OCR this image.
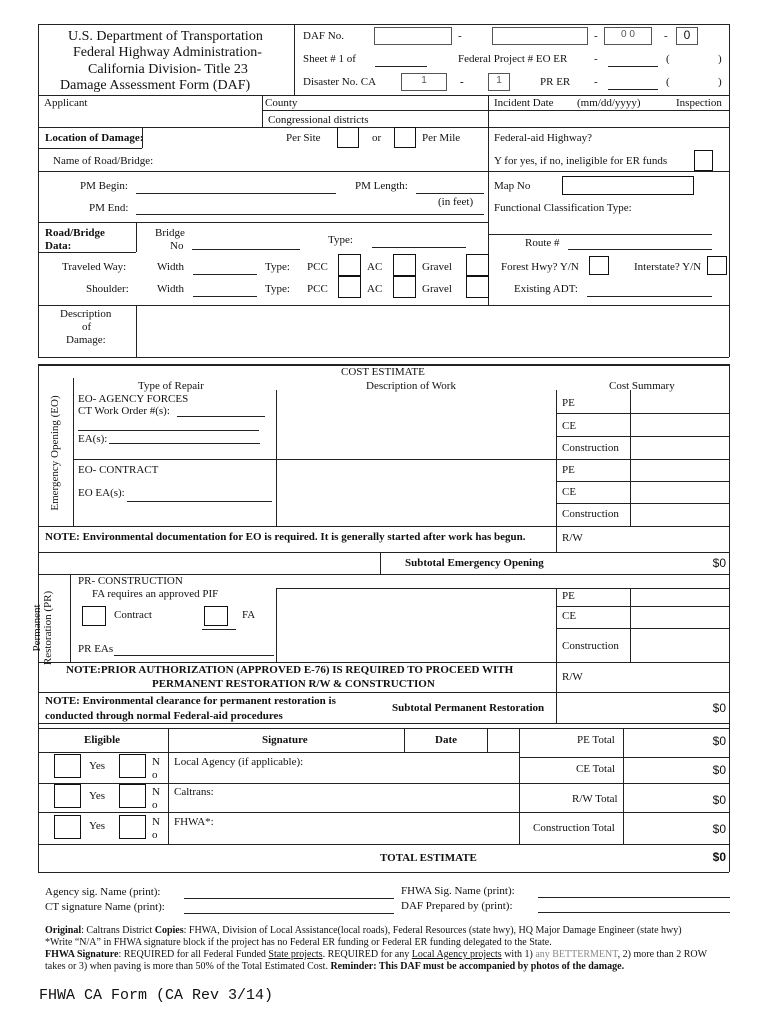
U.S. Department of Transportation
Federal Highway Administration-
California Division- Title 23
Damage Assessment Form (DAF)
DAF No.	-	-	0 0	-	0
Sheet # 1 of	Federal Project # EO ER -	(	)
Disaster No. CA	1	-	1	PR ER -	(	)
Applicant	County
Congressional districts
Incident Date (mm/dd/yyyy)	Inspection
Location of Damage:	Per Site	or	Per Mile	Federal-aid Highway?
Name of Road/Bridge:	Y for yes, if no, ineligible for ER funds
PM Begin:	PM Length:	Map No
(in feet)
PM End:	Functional Classification Type:
Road/Bridge
Data:
Bridge
No	Type:	Route #
Traveled Way:	Width	Type: PCC	AC	Gravel	Forest Hwy? Y/N	Interstate? Y/N
Shoulder:	Width	Type: PCC	AC	Gravel	Existing ADT:
Description
of
Damage:
COST ESTIMATE
Type of Repair	Description of Work	Cost Summary
Emergency Opening (EO) EO- AGENCY FORCES
CT Work Order #(s):
EA(s):
EO- CONTRACT
EO EA(s):
PE
CE
Construction
PE
CE
Construction
R/W
NOTE: Environmental documentation for EO is required. It is generally started after work has begun.
Subtotal Emergency Opening	$0
Permanent Restoration (PR)
PR- CONSTRUCTION
FA requires an approved PIF
Contract	FA
PR EAs
PE
CE
Construction
R/W
NOTE:PRIOR AUTHORIZATION (APPROVED E-76) IS REQUIRED TO PROCEED WITH
PERMANENT RESTORATION R/W & CONSTRUCTION
NOTE: Environmental clearance for permanent restoration is
conducted through normal Federal-aid procedures
Subtotal Permanent Restoration	$0
Eligible	Signature	Date
Yes	N
o
Local Agency (if applicable):
Yes	N
o
Caltrans:
Yes	N
o
FHWA*:
PE Total	$0
CE Total	$0
R/W Total	$0
Construction Total	$0
TOTAL ESTIMATE	$0
Agency sig. Name (print):
CT signature Name (print):
FHWA Sig. Name (print):
DAF Prepared by (print):
Original: Caltrans District Copies: FHWA, Division of Local Assistance(local roads), Federal Resources (state hwy), HQ Major Damage Engineer (state hwy)
*Write “N/A” in FHWA signature block if the project has no Federal ER funding or Federal ER funding delegated to the State.
FHWA Signature: REQUIRED for all Federal Funded State projects. REQUIRED for any Local Agency projects with 1) any BETTERMENT, 2) more than 2 ROW
takes or 3) when paving is more than 50% of the Total Estimated Cost. Reminder: This DAF must be accompanied by photos of the damage.
FHWA CA Form (CA Rev 3/14)
